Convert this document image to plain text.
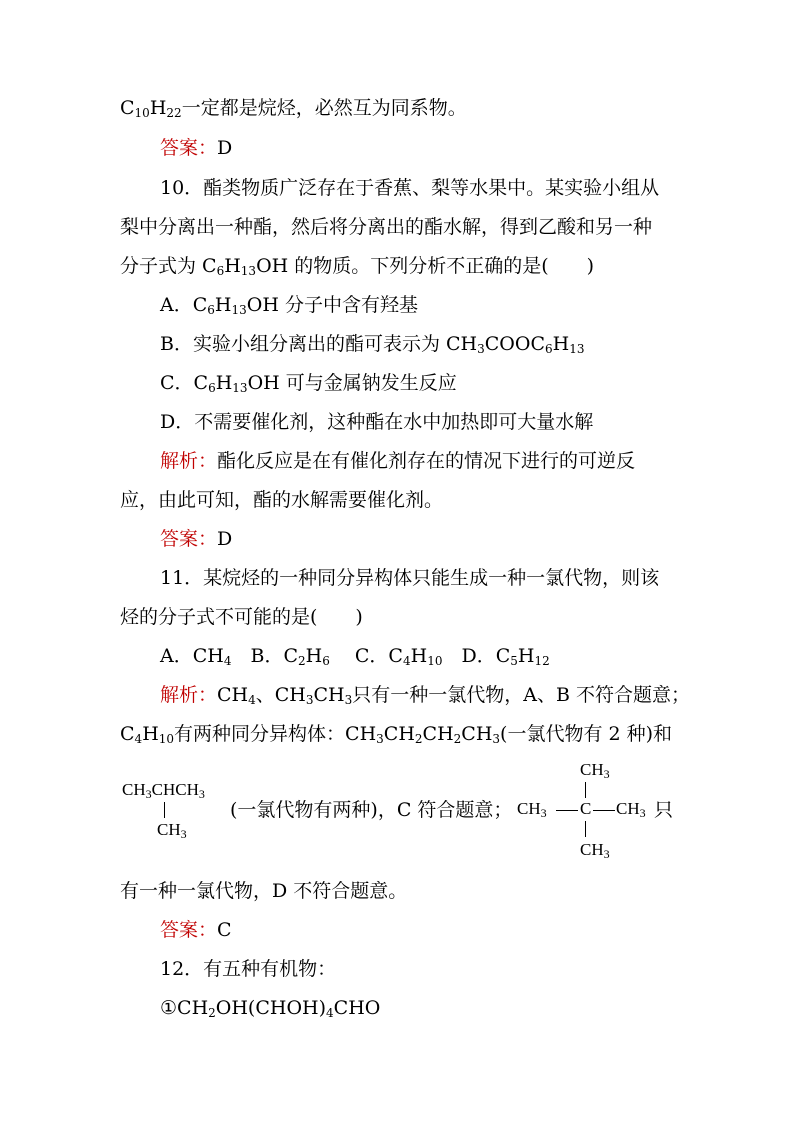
$C_{10}H_{22}$一定都是烷烃，必然互为同系物。
答案：D
10．酯类物质广泛存在于香蕉、梨等水果中。某实验小组从
梨中分离出一种酯，然后将分离出的酯水解，得到乙酸和另一种
分子式为 $C_6H_{13}OH$ 的物质。下列分析不正确的是(　　)
A．$C_6H_{13}OH$ 分子中含有羟基
B．实验小组分离出的酯可表示为 $CH_3COOC_6H_{13}$
C．$C_6H_{13}OH$ 可与金属钠发生反应
D．不需要催化剂，这种酯在水中加热即可大量水解
解析：酯化反应是在有催化剂存在的情况下进行的可逆反
应，由此可知，酯的水解需要催化剂。
答案：D
11．某烷烃的一种同分异构体只能生成一种一氯代物，则该
烃的分子式不可能的是(　　)
A．$CH_4$　B．$C_2H_6$　 C．$C_4H_{10}$　D．$C_5H_{12}$
解析：$CH_4$、$CH_3CH_3$只有一种一氯代物，A、B 不符合题意；
$C_4H_{10}$有两种同分异构体：$CH_3CH_2CH_2CH_3$(一氯代物有 2 种)和
$CH_3CHCH_3$
$CH_3$
(一氯代物有两种)，C 符合题意；
$CH_3$
$CH_3$ C $CH_3$ 只
$CH_3$
有一种一氯代物，D 不符合题意。
答案：C
12．有五种有机物：
$①CH_2OH(CHOH)_4CHO$
